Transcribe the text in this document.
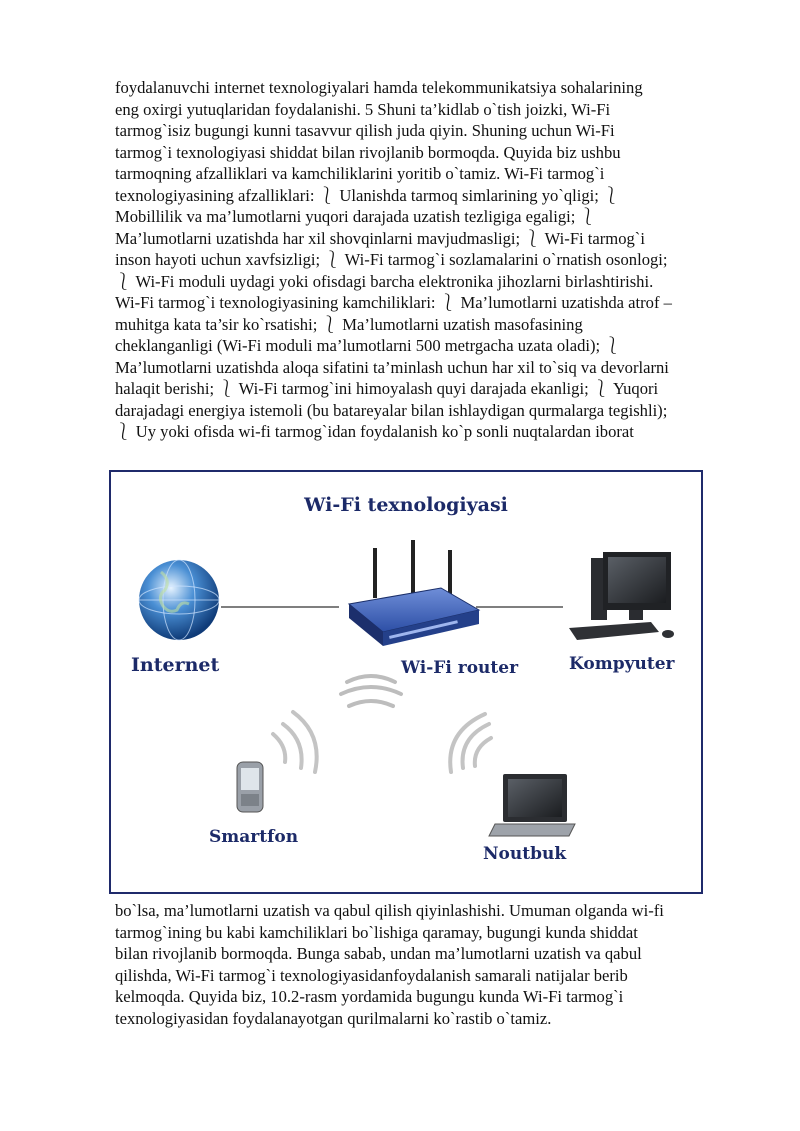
foydalanuvchi internet texnologiyalari hamda telekommunikatsiya sohalarining
eng oxirgi yutuqlaridan foydalanishi. 5 Shuni ta’kidlab o`tish joizki, Wi-Fi
tarmog`isiz bugungi kunni tasavvur qilish juda qiyin. Shuning uchun Wi-Fi
tarmog`i texnologiyasi shiddat bilan rivojlanib bormoqda. Quyida biz ushbu
tarmoqning afzalliklari va kamchiliklarini yoritib o`tamiz. Wi-Fi tarmog`i
texnologiyasining afzalliklari: ⎱ Ulanishda tarmoq simlarining yo`qligi; ⎱
Mobillilik va ma’lumotlarni yuqori darajada uzatish tezligiga egaligi; ⎱
Ma’lumotlarni uzatishda har xil shovqinlarni mavjudmasligi; ⎱ Wi-Fi tarmog`i
inson hayoti uchun xavfsizligi; ⎱ Wi-Fi tarmog`i sozlamalarini o`rnatish osonlogi;
⎱ Wi-Fi moduli uydagi yoki ofisdagi barcha elektronika jihozlarni birlashtirishi.
Wi-Fi tarmog`i texnologiyasining kamchiliklari: ⎱ Ma’lumotlarni uzatishda atrof –
muhitga kata ta’sir ko`rsatishi; ⎱ Ma’lumotlarni uzatish masofasining
cheklanganligi (Wi-Fi moduli ma’lumotlarni 500 metrgacha uzata oladi); ⎱
Ma’lumotlarni uzatishda aloqa sifatini ta’minlash uchun har xil to`siq va devorlarni
halaqit berishi; ⎱ Wi-Fi tarmog`ini himoyalash quyi darajada ekanligi; ⎱ Yuqori
darajadagi energiya istemoli (bu batareyalar bilan ishlaydigan qurmalarga tegishli);
⎱ Uy yoki ofisda wi-fi tarmog`idan foydalanish ko`p sonli nuqtalardan iborat

Wi-Fi texnologiyasi

Internet	Wi-Fi router	Kompyuter

Smartfon

Noutbuk

bo`lsa, ma’lumotlarni uzatish va qabul qilish qiyinlashishi. Umuman olganda wi-fi
tarmog`ining bu kabi kamchiliklari bo`lishiga qaramay, bugungi kunda shiddat
bilan rivojlanib bormoqda. Bunga sabab, undan ma’lumotlarni uzatish va qabul
qilishda, Wi-Fi tarmog`i texnologiyasidanfoydalanish samarali natijalar berib
kelmoqda. Quyida biz, 10.2-rasm yordamida bugungu kunda Wi-Fi tarmog`i
texnologiyasidan foydalanayotgan qurilmalarni ko`rastib o`tamiz.
